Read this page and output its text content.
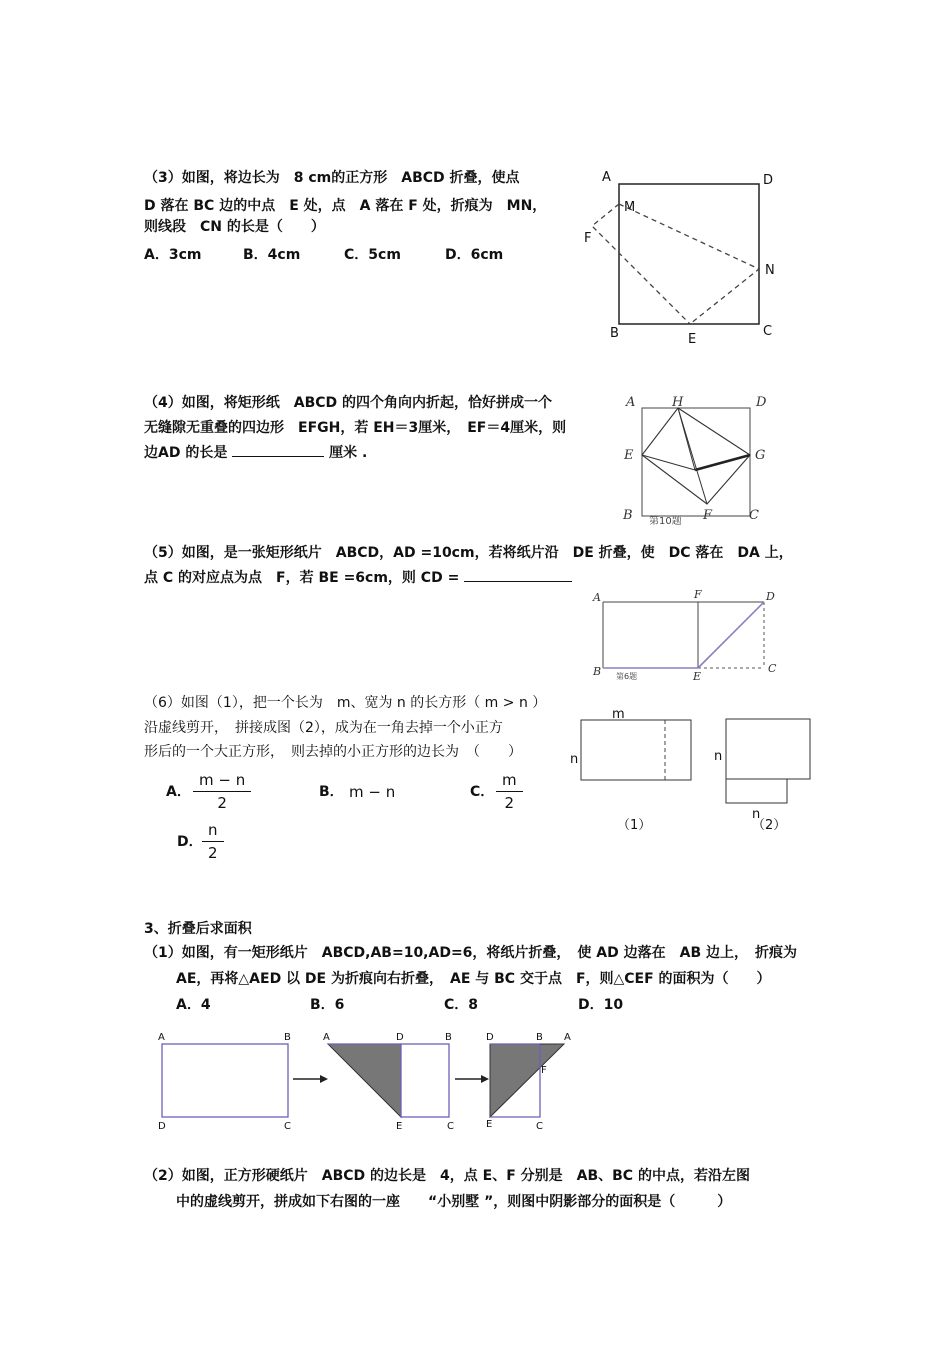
（3）如图，将边长为　8 cm的正方形　ABCD 折叠，使点
D 落在 BC 边的中点　E 处，点　A 落在 F 处，折痕为　MN，
则线段　CN 的长是（　　）
A．3cm	B．4cm	C．5cm	D．6cm
A	D
M
F
N
B	C
E
（4）如图，将矩形纸　ABCD 的四个角向内折起，恰好拼成一个
无缝隙无重叠的四边形　EFGH，若 EH＝3厘米，　EF＝4厘米，则
边AD 的长是	厘米 .
A	H	D
E	G
B	F	C
第10题
（5）如图，是一张矩形纸片　ABCD，AD =10cm，若将纸片沿　DE 折叠，使　DC 落在　DA 上，
点 C 的对应点为点　F，若 BE =6cm，则 CD =
A	F	D
B	E
C
第6题
（6）如图（1），把一个长为　m、宽为 n 的长方形（ m > n ）
沿虚线剪开，　拼接成图（2），成为在一角去掉一个小正方
形后的一个大正方形，　则去掉的小正方形的边长为　（　　）
A． $\frac{m - n}{2}$	B． m − n	C． $\frac{m}{2}$
D． $\frac{n}{2}$
m
n
（1）
n
n
（2）
3、折叠后求面积
（1）如图，有一矩形纸片　ABCD,AB=10,AD=6，将纸片折叠，　使 AD 边落在　AB 边上，　折痕为
AE，再将△AED 以 DE 为折痕向右折叠，　AE 与 BC 交于点　F，则△CEF 的面积为（　　）
A．4	B．6	C．8	D．10
A	B
D	C
A	D	B
E	C
D	B A
F
E	C
（2）如图，正方形硬纸片　ABCD 的边长是　4，点 E、F 分别是　AB、BC 的中点，若沿左图
中的虚线剪开，拼成如下右图的一座　　“小别墅 ”，则图中阴影部分的面积是（　　　）
